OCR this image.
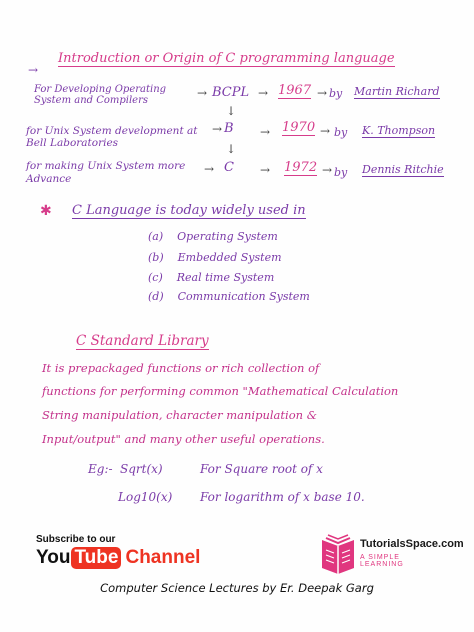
Introduction or Origin of C programming language
→
For Developing Operating System and Compilers
→ BCPL → 1967 → by Martin Richard
↓
for Unix System development at Bell Laboratories
→ B → 1970 → by K. Thompson
↓
for making Unix System more Advance
→ C → 1972 → by Dennis Ritchie
✱ C Language is today widely used in
(a) Operating System
(b) Embedded System
(c) Real time System
(d) Communication System
C Standard Library
It is prepackaged functions or rich collection of
functions for performing common "Mathematical Calculation
String manipulation, character manipulation &
Input/output" and many other useful operations.
Eg:- Sqrt(x)	For Square root of x
Log10(x) For logarithm of x base 10.
Subscribe to our
You Tube Channel
TutorialsSpace.com
A SIMPLE LEARNING
Computer Science Lectures by Er. Deepak Garg
